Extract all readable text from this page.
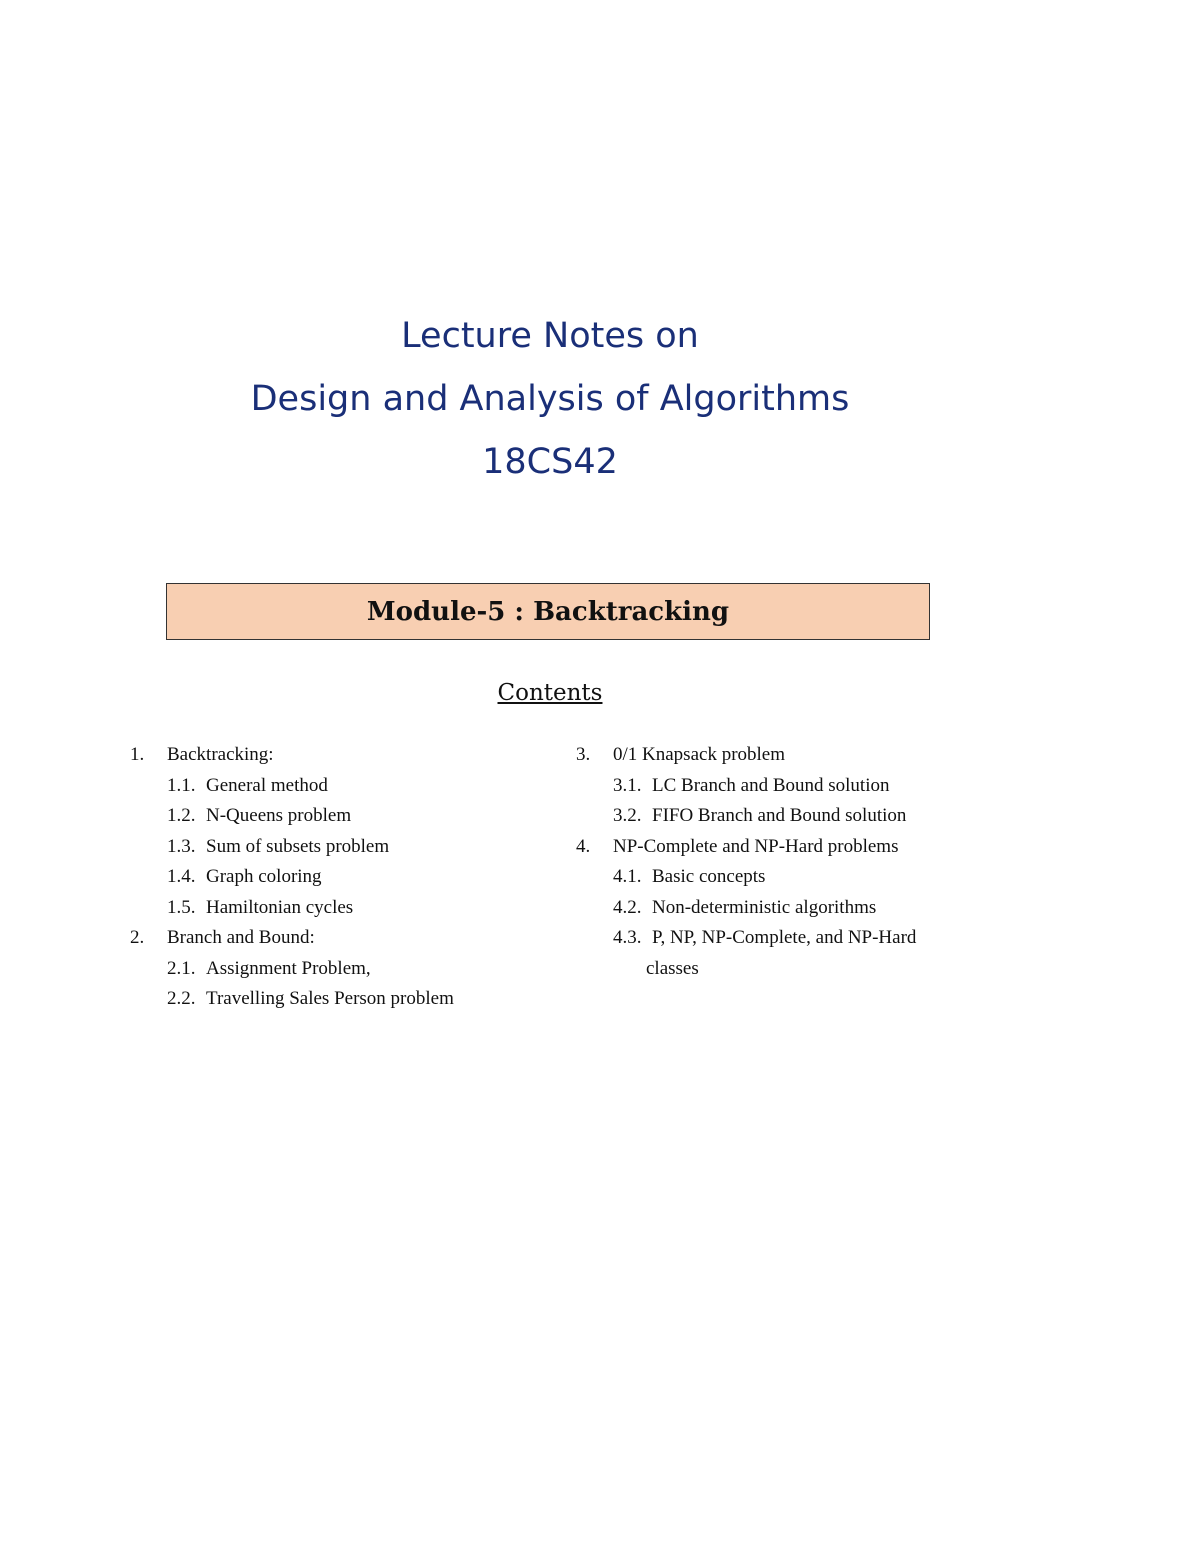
Lecture Notes on
Design and Analysis of Algorithms
18CS42
Module-5 : Backtracking
Contents
1. Backtracking:
1.1. General method
1.2. N-Queens problem
1.3. Sum of subsets problem
1.4. Graph coloring
1.5. Hamiltonian cycles
2. Branch and Bound:
2.1. Assignment Problem,
2.2. Travelling Sales Person problem
3. 0/1 Knapsack problem
3.1. LC Branch and Bound solution
3.2. FIFO Branch and Bound solution
4. NP-Complete and NP-Hard problems
4.1. Basic concepts
4.2. Non-deterministic algorithms
4.3. P, NP, NP-Complete, and NP-Hard
classes
